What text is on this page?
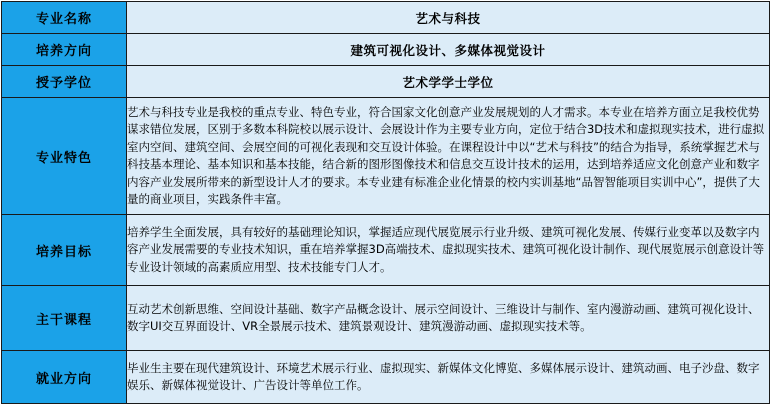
专业名称	艺术与科技
培养方向	建筑可视化设计、多媒体视觉设计
授予学位	艺术学学士学位
专业特色	艺术与科技专业是我校的重点专业、特色专业，符合国家文化创意产业发展规划的人才需求。本专业在培养方面立足我校优势谋求错位发展，区别于多数本科院校以展示设计、会展设计作为主要专业方向，定位于结合3D技术和虚拟现实技术，进行虚拟室内空间、建筑空间、会展空间的可视化表现和交互设计体验。在课程设计中以“艺术与科技”的结合为指导，系统掌握艺术与科技基本理论、基本知识和基本技能，结合新的图形图像技术和信息交互设计技术的运用，达到培养适应文化创意产业和数字内容产业发展所带来的新型设计人才的要求。本专业建有标准企业化情景的校内实训基地“品智智能项目实训中心”，提供了大量的商业项目，实践条件丰富。
培养目标	培养学生全面发展，具有较好的基础理论知识，掌握适应现代展览展示行业升级、建筑可视化发展、传媒行业变革以及数字内容产业发展需要的专业技术知识，重在培养掌握3D高端技术、虚拟现实技术、建筑可视化设计制作、现代展览展示创意设计等专业设计领域的高素质应用型、技术技能专门人才。
主干课程	互动艺术创新思维、空间设计基础、数字产品概念设计、展示空间设计、三维设计与制作、室内漫游动画、建筑可视化设计、数字UI交互界面设计、VR全景展示技术、建筑景观设计、建筑漫游动画、虚拟现实技术等。
就业方向	毕业生主要在现代建筑设计、环境艺术展示行业、虚拟现实、新媒体文化博览、多媒体展示设计、建筑动画、电子沙盘、数字娱乐、新媒体视觉设计、广告设计等单位工作。
